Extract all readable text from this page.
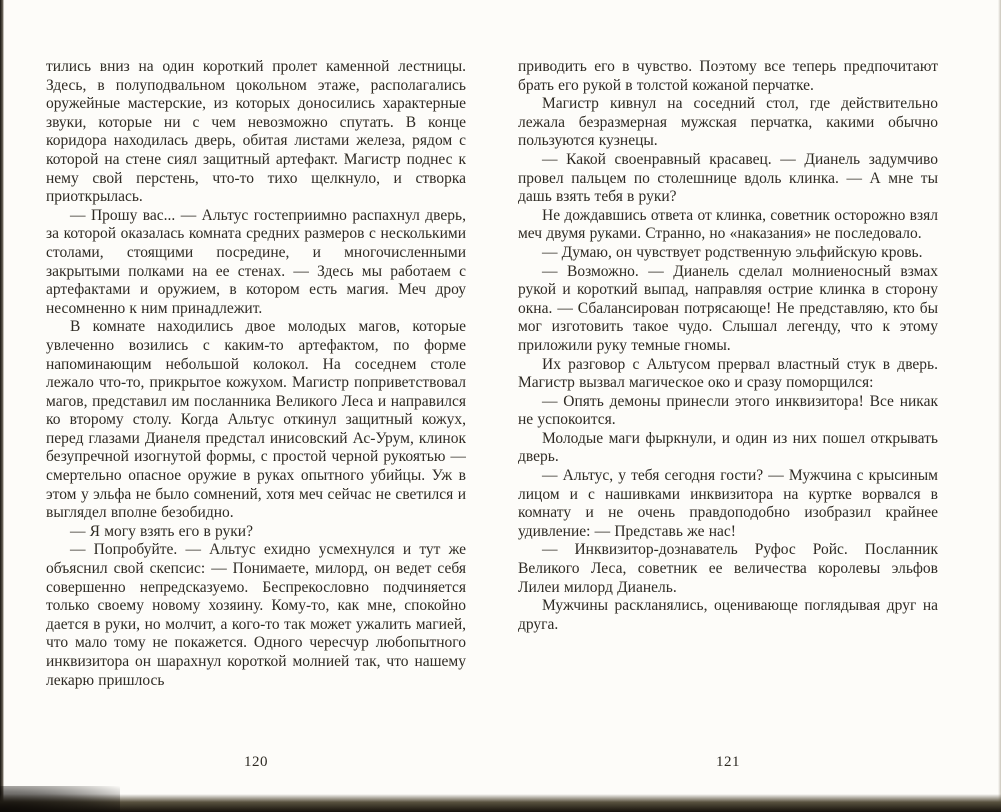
тились вниз на один короткий пролет каменной лестницы. Здесь, в полуподвальном цокольном этаже, располагались оружейные мастерские, из которых доносились характерные звуки, которые ни с чем невозможно спутать. В конце коридора находилась дверь, обитая листами железа, рядом с которой на стене сиял защитный артефакт. Магистр поднес к нему свой перстень, что-то тихо щелкнуло, и створка приоткрылась.

— Прошу вас... — Альтус гостеприимно распахнул дверь, за которой оказалась комната средних размеров с несколькими столами, стоящими посредине, и многочисленными закрытыми полками на ее стенах. — Здесь мы работаем с артефактами и оружием, в котором есть магия. Меч дроу несомненно к ним принадлежит.

В комнате находились двое молодых магов, которые увлеченно возились с каким-то артефактом, по форме напоминающим небольшой колокол. На соседнем столе лежало что-то, прикрытое кожухом. Магистр поприветствовал магов, представил им посланника Великого Леса и направился ко второму столу. Когда Альтус откинул защитный кожух, перед глазами Дианеля предстал инисовский Ас-Урум, клинок безупречной изогнутой формы, с простой черной рукоятью — смертельно опасное оружие в руках опытного убийцы. Уж в этом у эльфа не было сомнений, хотя меч сейчас не светился и выглядел вполне безобидно.

— Я могу взять его в руки?

— Попробуйте. — Альтус ехидно усмехнулся и тут же объяснил свой скепсис: — Понимаете, милорд, он ведет себя совершенно непредсказуемо. Беспрекословно подчиняется только своему новому хозяину. Кому-то, как мне, спокойно дается в руки, но молчит, а кого-то так может ужалить магией, что мало тому не покажется. Одного чересчур любопытного инквизитора он шарахнул короткой молнией так, что нашему лекарю пришлось

120

приводить его в чувство. Поэтому все теперь предпочитают брать его рукой в толстой кожаной перчатке.

Магистр кивнул на соседний стол, где действительно лежала безразмерная мужская перчатка, какими обычно пользуются кузнецы.

— Какой своенравный красавец. — Дианель задумчиво провел пальцем по столешнице вдоль клинка. — А мне ты дашь взять тебя в руки?

Не дождавшись ответа от клинка, советник осторожно взял меч двумя руками. Странно, но «наказания» не последовало.

— Думаю, он чувствует родственную эльфийскую кровь.

— Возможно. — Дианель сделал молниеносный взмах рукой и короткий выпад, направляя острие клинка в сторону окна. — Сбалансирован потрясающе! Не представляю, кто бы мог изготовить такое чудо. Слышал легенду, что к этому приложили руку темные гномы.

Их разговор с Альтусом прервал властный стук в дверь. Магистр вызвал магическое око и сразу поморщился:

— Опять демоны принесли этого инквизитора! Все никак не успокоится.

Молодые маги фыркнули, и один из них пошел открывать дверь.

— Альтус, у тебя сегодня гости? — Мужчина с крысиным лицом и с нашивками инквизитора на куртке ворвался в комнату и не очень правдоподобно изобразил крайнее удивление: — Представь же нас!

— Инквизитор-дознаватель Руфос Ройс. Посланник Великого Леса, советник ее величества королевы эльфов Лилеи милорд Дианель.

Мужчины раскланялись, оценивающе поглядывая друг на друга.

121
